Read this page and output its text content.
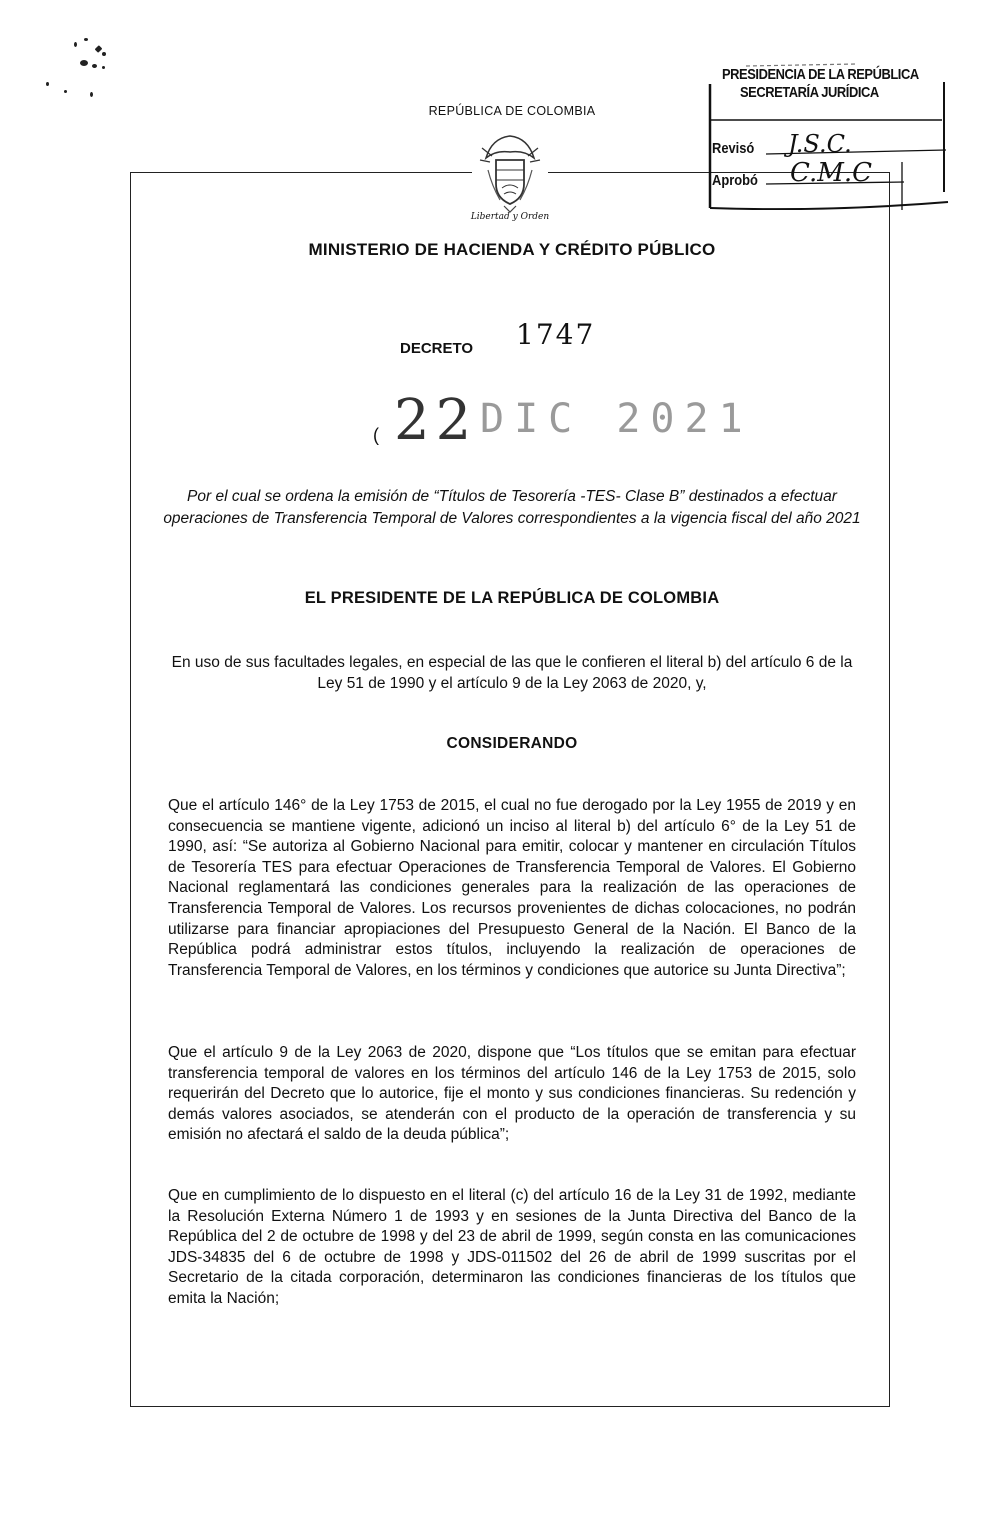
REPÚBLICA DE COLOMBIA
Libertad y Orden
MINISTERIO DE HACIENDA Y CRÉDITO PÚBLICO
PRESIDENCIA DE LA REPÚBLICA
SECRETARÍA JURÍDICA
Revisó J.S.C.
Aprobó C.M.C
DECRETO 1747
( 22 DIC 2021
Por el cual se ordena la emisión de “Títulos de Tesorería -TES- Clase B” destinados a efectuar operaciones de Transferencia Temporal de Valores correspondientes a la vigencia fiscal del año 2021
EL PRESIDENTE DE LA REPÚBLICA DE COLOMBIA
En uso de sus facultades legales, en especial de las que le confieren el literal b) del artículo 6 de la Ley 51 de 1990 y el artículo 9 de la Ley 2063 de 2020, y,
CONSIDERANDO
Que el artículo 146° de la Ley 1753 de 2015, el cual no fue derogado por la Ley 1955 de 2019 y en consecuencia se mantiene vigente, adicionó un inciso al literal b) del artículo 6° de la Ley 51 de 1990, así: “Se autoriza al Gobierno Nacional para emitir, colocar y mantener en circulación Títulos de Tesorería TES para efectuar Operaciones de Transferencia Temporal de Valores. El Gobierno Nacional reglamentará las condiciones generales para la realización de las operaciones de Transferencia Temporal de Valores. Los recursos provenientes de dichas colocaciones, no podrán utilizarse para financiar apropiaciones del Presupuesto General de la Nación. El Banco de la República podrá administrar estos títulos, incluyendo la realización de operaciones de Transferencia Temporal de Valores, en los términos y condiciones que autorice su Junta Directiva”;
Que el artículo 9 de la Ley 2063 de 2020, dispone que “Los títulos que se emitan para efectuar transferencia temporal de valores en los términos del artículo 146 de la Ley 1753 de 2015, solo requerirán del Decreto que lo autorice, fije el monto y sus condiciones financieras. Su redención y demás valores asociados, se atenderán con el producto de la operación de transferencia y su emisión no afectará el saldo de la deuda pública”;
Que en cumplimiento de lo dispuesto en el literal (c) del artículo 16 de la Ley 31 de 1992, mediante la Resolución Externa Número 1 de 1993 y en sesiones de la Junta Directiva del Banco de la República del 2 de octubre de 1998 y del 23 de abril de 1999, según consta en las comunicaciones JDS-34835 del 6 de octubre de 1998 y JDS-011502 del 26 de abril de 1999 suscritas por el Secretario de la citada corporación, determinaron las condiciones financieras de los títulos que emita la Nación;
